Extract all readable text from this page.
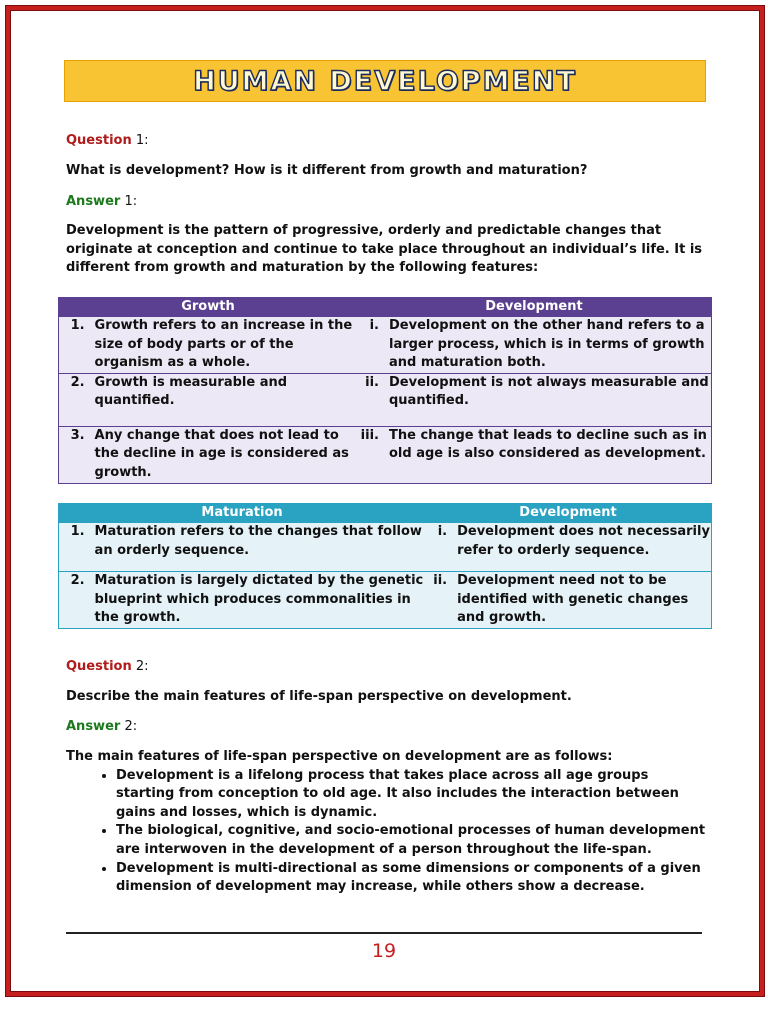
HUMAN DEVELOPMENT
Question 1:
What is development? How is it different from growth and maturation?
Answer 1:
Development is the pattern of progressive, orderly and predictable changes that originate at conception and continue to take place throughout an individual’s life. It is different from growth and maturation by the following features:
Growth		Development	
1.	Growth refers to an increase in the size of body parts or of the organism as a whole.	i.	Development on the other hand refers to a larger process, which is in terms of growth and maturation both.
2.	Growth is measurable and quantified.	ii.	Development is not always measurable and quantified.
3.	Any change that does not lead to the decline in age is considered as growth.	iii.	The change that leads to decline such as in old age is also considered as development.
Maturation		Development	
1.	Maturation refers to the changes that follow an orderly sequence.	i.	Development does not necessarily refer to orderly sequence.
2.	Maturation is largely dictated by the genetic blueprint which produces commonalities in the growth.	ii.	Development need not to be identified with genetic changes and growth.
Question 2:
Describe the main features of life-span perspective on development.
Answer 2:
The main features of life-span perspective on development are as follows:
• Development is a lifelong process that takes place across all age groups starting from conception to old age. It also includes the interaction between gains and losses, which is dynamic.
• The biological, cognitive, and socio-emotional processes of human development are interwoven in the development of a person throughout the life-span.
• Development is multi-directional as some dimensions or components of a given dimension of development may increase, while others show a decrease.
19
